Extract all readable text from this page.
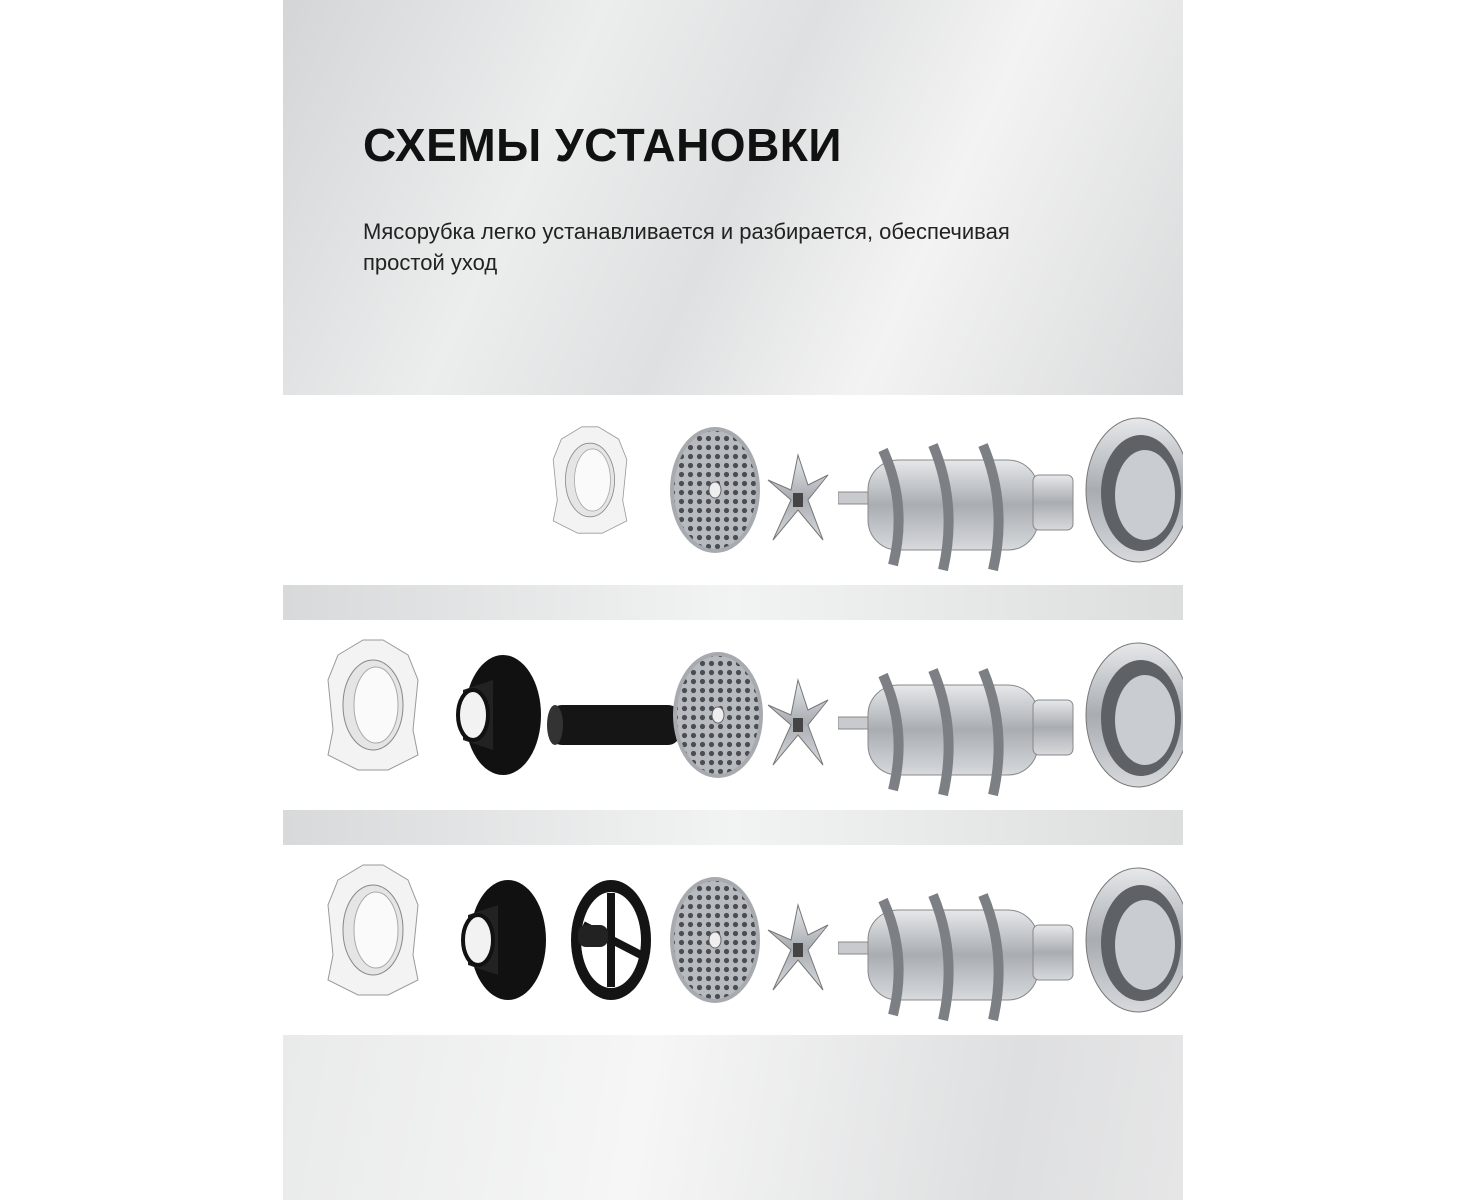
СХЕМЫ УСТАНОВКИ

Мясорубка легко устанавливается и разбирается, обеспечивая простой уход
